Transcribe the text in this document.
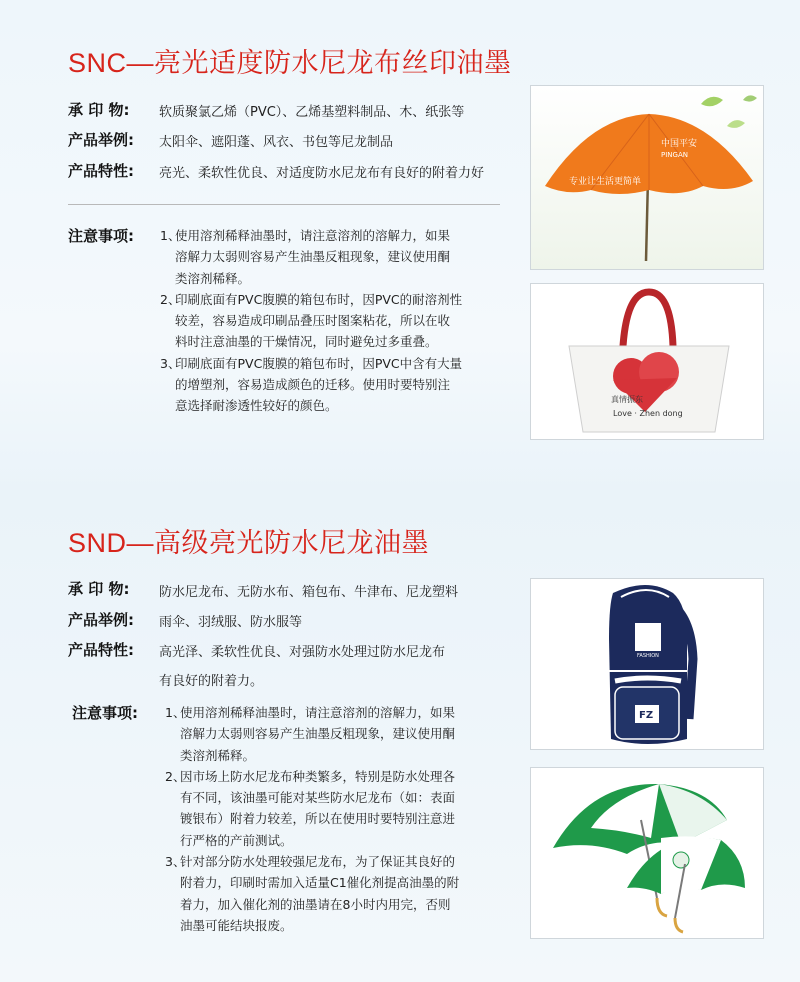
SNC—亮光适度防水尼龙布丝印油墨
承 印 物: 软质聚氯乙烯（PVC）、乙烯基塑料制品、木、纸张等
产品举例: 太阳伞、遮阳蓬、风衣、书包等尼龙制品
产品特性: 亮光、柔软性优良、对适度防水尼龙布有良好的附着力好
注意事项: 1、使用溶剂稀释油墨时，请注意溶剂的溶解力，如果
溶解力太弱则容易产生油墨反粗现象，建议使用酮
类溶剂稀释。
2、印刷底面有PVC腹膜的箱包布时，因PVC的耐溶剂性
较差，容易造成印刷品叠压时图案粘花，所以在收
料时注意油墨的干燥情况，同时避免过多重叠。
3、印刷底面有PVC腹膜的箱包布时，因PVC中含有大量
的增塑剂，容易造成颜色的迁移。使用时要特别注
意选择耐渗透性较好的颜色。
专业让生活更简单
中国平安
PINGAN
真情振东
Love · Zhen dong
SND—高级亮光防水尼龙油墨
承 印 物: 防水尼龙布、无防水布、箱包布、牛津布、尼龙塑料
产品举例: 雨伞、羽绒服、防水服等
产品特性: 高光泽、柔软性优良、对强防水处理过防水尼龙布
有良好的附着力。
注意事项: 1、使用溶剂稀释油墨时，请注意溶剂的溶解力，如果
溶解力太弱则容易产生油墨反粗现象，建议使用酮
类溶剂稀释。
2、因市场上防水尼龙布种类繁多，特别是防水处理各
有不同，该油墨可能对某些防水尼龙布（如：表面
镀银布）附着力较差，所以在使用时要特别注意进
行严格的产前测试。
3、针对部分防水处理较强尼龙布，为了保证其良好的
附着力，印刷时需加入适量C1催化剂提高油墨的附
着力，加入催化剂的油墨请在8小时内用完，否则
油墨可能结块报废。
FASHION
FZ
